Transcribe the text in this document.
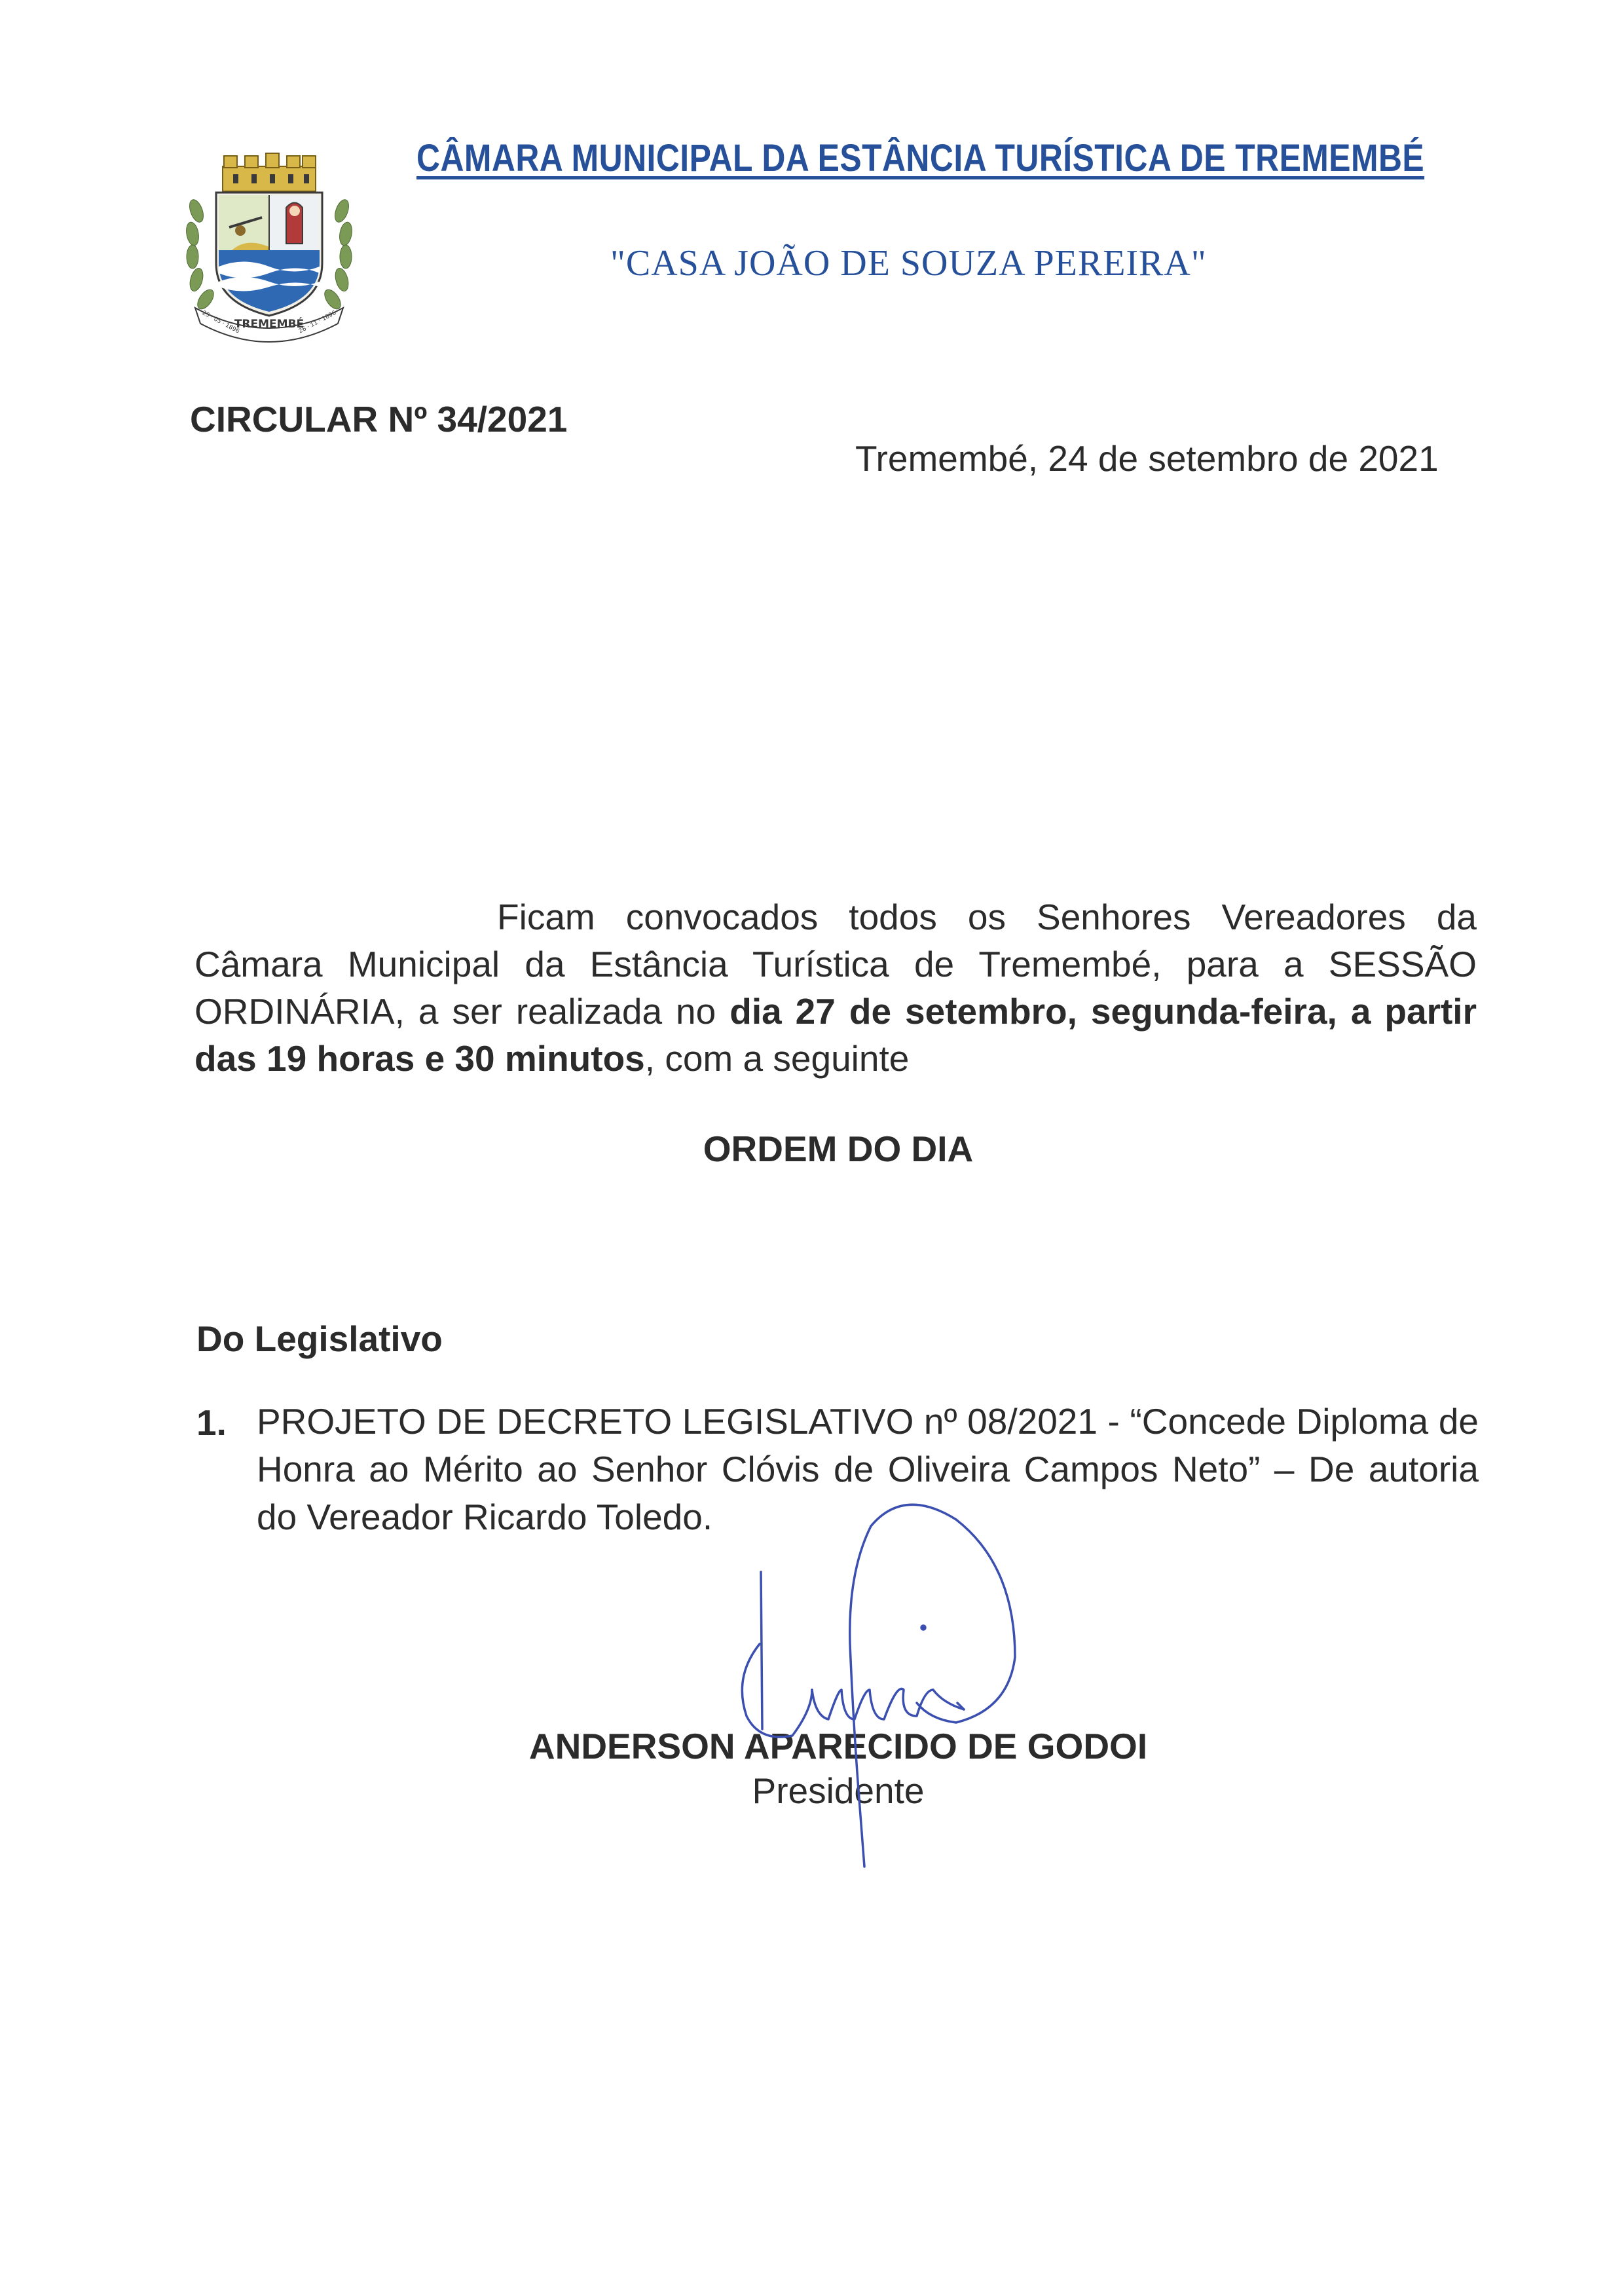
TREMEMBÉ
25 · 05 · 1896	26 · 11 · 1896
CÂMARA MUNICIPAL DA ESTÂNCIA TURÍSTICA DE TREMEMBÉ
"CASA JOÃO DE SOUZA PEREIRA"
CIRCULAR Nº 34/2021
Tremembé, 24 de setembro de 2021
Ficam convocados todos os Senhores Vereadores da Câmara Municipal da Estância Turística de Tremembé, para a SESSÃO ORDINÁRIA, a ser realizada no dia 27 de setembro, segunda-feira, a partir das 19 horas e 30 minutos, com a seguinte
ORDEM DO DIA
Do Legislativo
1. PROJETO DE DECRETO LEGISLATIVO nº 08/2021 - “Concede Diploma de Honra ao Mérito ao Senhor Clóvis de Oliveira Campos Neto” – De autoria do Vereador Ricardo Toledo.
ANDERSON APARECIDO DE GODOI
Presidente
